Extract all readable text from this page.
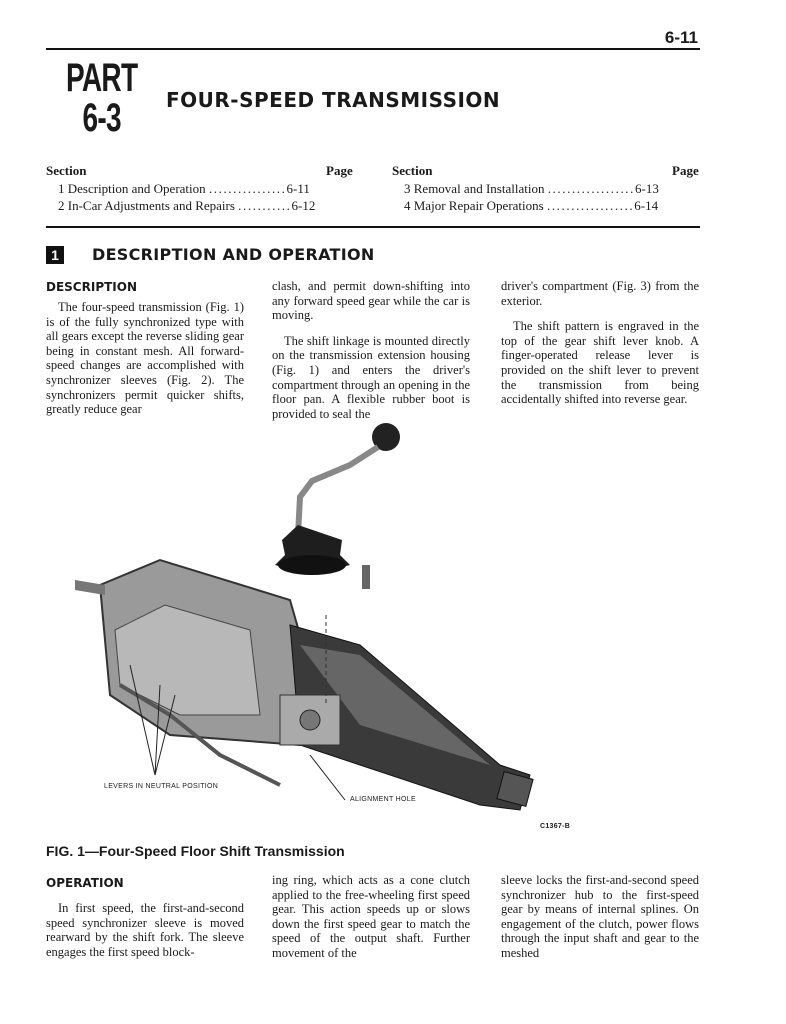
6-11
PART
6-3	FOUR-SPEED TRANSMISSION
Section	Page	Section	Page
1 Description and Operation ................6-11
2 In-Car Adjustments and Repairs ...........6-12
3 Removal and Installation ..................6-13
4 Major Repair Operations ..................6-14
1	DESCRIPTION AND OPERATION
DESCRIPTION

The four-speed transmission (Fig. 1) is of the fully synchronized type with all gears except the reverse sliding gear being in constant mesh. All forward-speed changes are accomplished with synchronizer sleeves (Fig. 2). The synchronizers permit quicker shifts, greatly reduce gear

clash, and permit down-shifting into any forward speed gear while the car is moving.

The shift linkage is mounted directly on the transmission extension housing (Fig. 1) and enters the driver's compartment through an opening in the floor pan. A flexible rubber boot is provided to seal the

driver's compartment (Fig. 3) from the exterior.

The shift pattern is engraved in the top of the gear shift lever knob. A finger-operated release lever is provided on the shift lever to prevent the transmission from being accidentally shifted into reverse gear.

LEVERS IN NEUTRAL POSITION
ALIGNMENT HOLE
C1367-B
FIG. 1—Four-Speed Floor Shift Transmission
OPERATION

In first speed, the first-and-second speed synchronizer sleeve is moved rearward by the shift fork. The sleeve engages the first speed block-

ing ring, which acts as a cone clutch applied to the free-wheeling first speed gear. This action speeds up or slows down the first speed gear to match the speed of the output shaft. Further movement of the

sleeve locks the first-and-second speed synchronizer hub to the first-speed gear by means of internal splines. On engagement of the clutch, power flows through the input shaft and gear to the meshed
